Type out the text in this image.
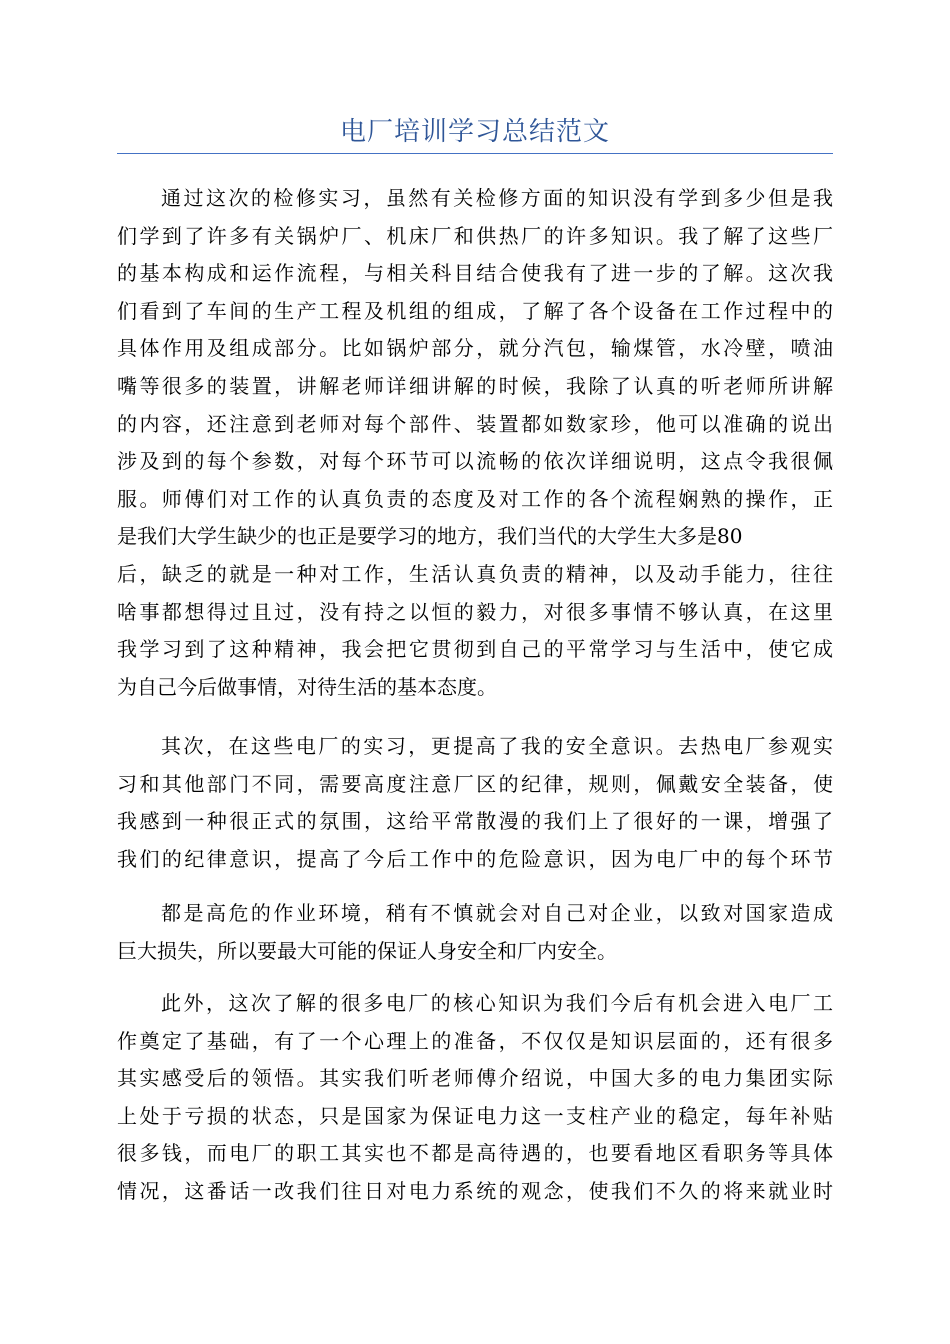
电厂培训学习总结范文
通过这次的检修实习，虽然有关检修方面的知识没有学到多少但是我
们学到了许多有关锅炉厂、机床厂和供热厂的许多知识。我了解了这些厂
的基本构成和运作流程，与相关科目结合使我有了进一步的了解。这次我
们看到了车间的生产工程及机组的组成，了解了各个设备在工作过程中的
具体作用及组成部分。比如锅炉部分，就分汽包，输煤管，水冷壁，喷油
嘴等很多的装置，讲解老师详细讲解的时候，我除了认真的听老师所讲解
的内容，还注意到老师对每个部件、装置都如数家珍，他可以准确的说出
涉及到的每个参数，对每个环节可以流畅的依次详细说明，这点令我很佩
服。师傅们对工作的认真负责的态度及对工作的各个流程娴熟的操作，正
是我们大学生缺少的也正是要学习的地方，我们当代的大学生大多是80
后，缺乏的就是一种对工作，生活认真负责的精神，以及动手能力，往往
啥事都想得过且过，没有持之以恒的毅力，对很多事情不够认真，在这里
我学习到了这种精神，我会把它贯彻到自己的平常学习与生活中，使它成
为自己今后做事情，对待生活的基本态度。
其次，在这些电厂的实习，更提高了我的安全意识。去热电厂参观实
习和其他部门不同，需要高度注意厂区的纪律，规则，佩戴安全装备，使
我感到一种很正式的氛围，这给平常散漫的我们上了很好的一课，增强了
我们的纪律意识，提高了今后工作中的危险意识，因为电厂中的每个环节
都是高危的作业环境，稍有不慎就会对自己对企业，以致对国家造成
巨大损失，所以要最大可能的保证人身安全和厂内安全。
此外，这次了解的很多电厂的核心知识为我们今后有机会进入电厂工
作奠定了基础，有了一个心理上的准备，不仅仅是知识层面的，还有很多
其实感受后的领悟。其实我们听老师傅介绍说，中国大多的电力集团实际
上处于亏损的状态，只是国家为保证电力这一支柱产业的稳定，每年补贴
很多钱，而电厂的职工其实也不都是高待遇的，也要看地区看职务等具体
情况，这番话一改我们往日对电力系统的观念，使我们不久的将来就业时
